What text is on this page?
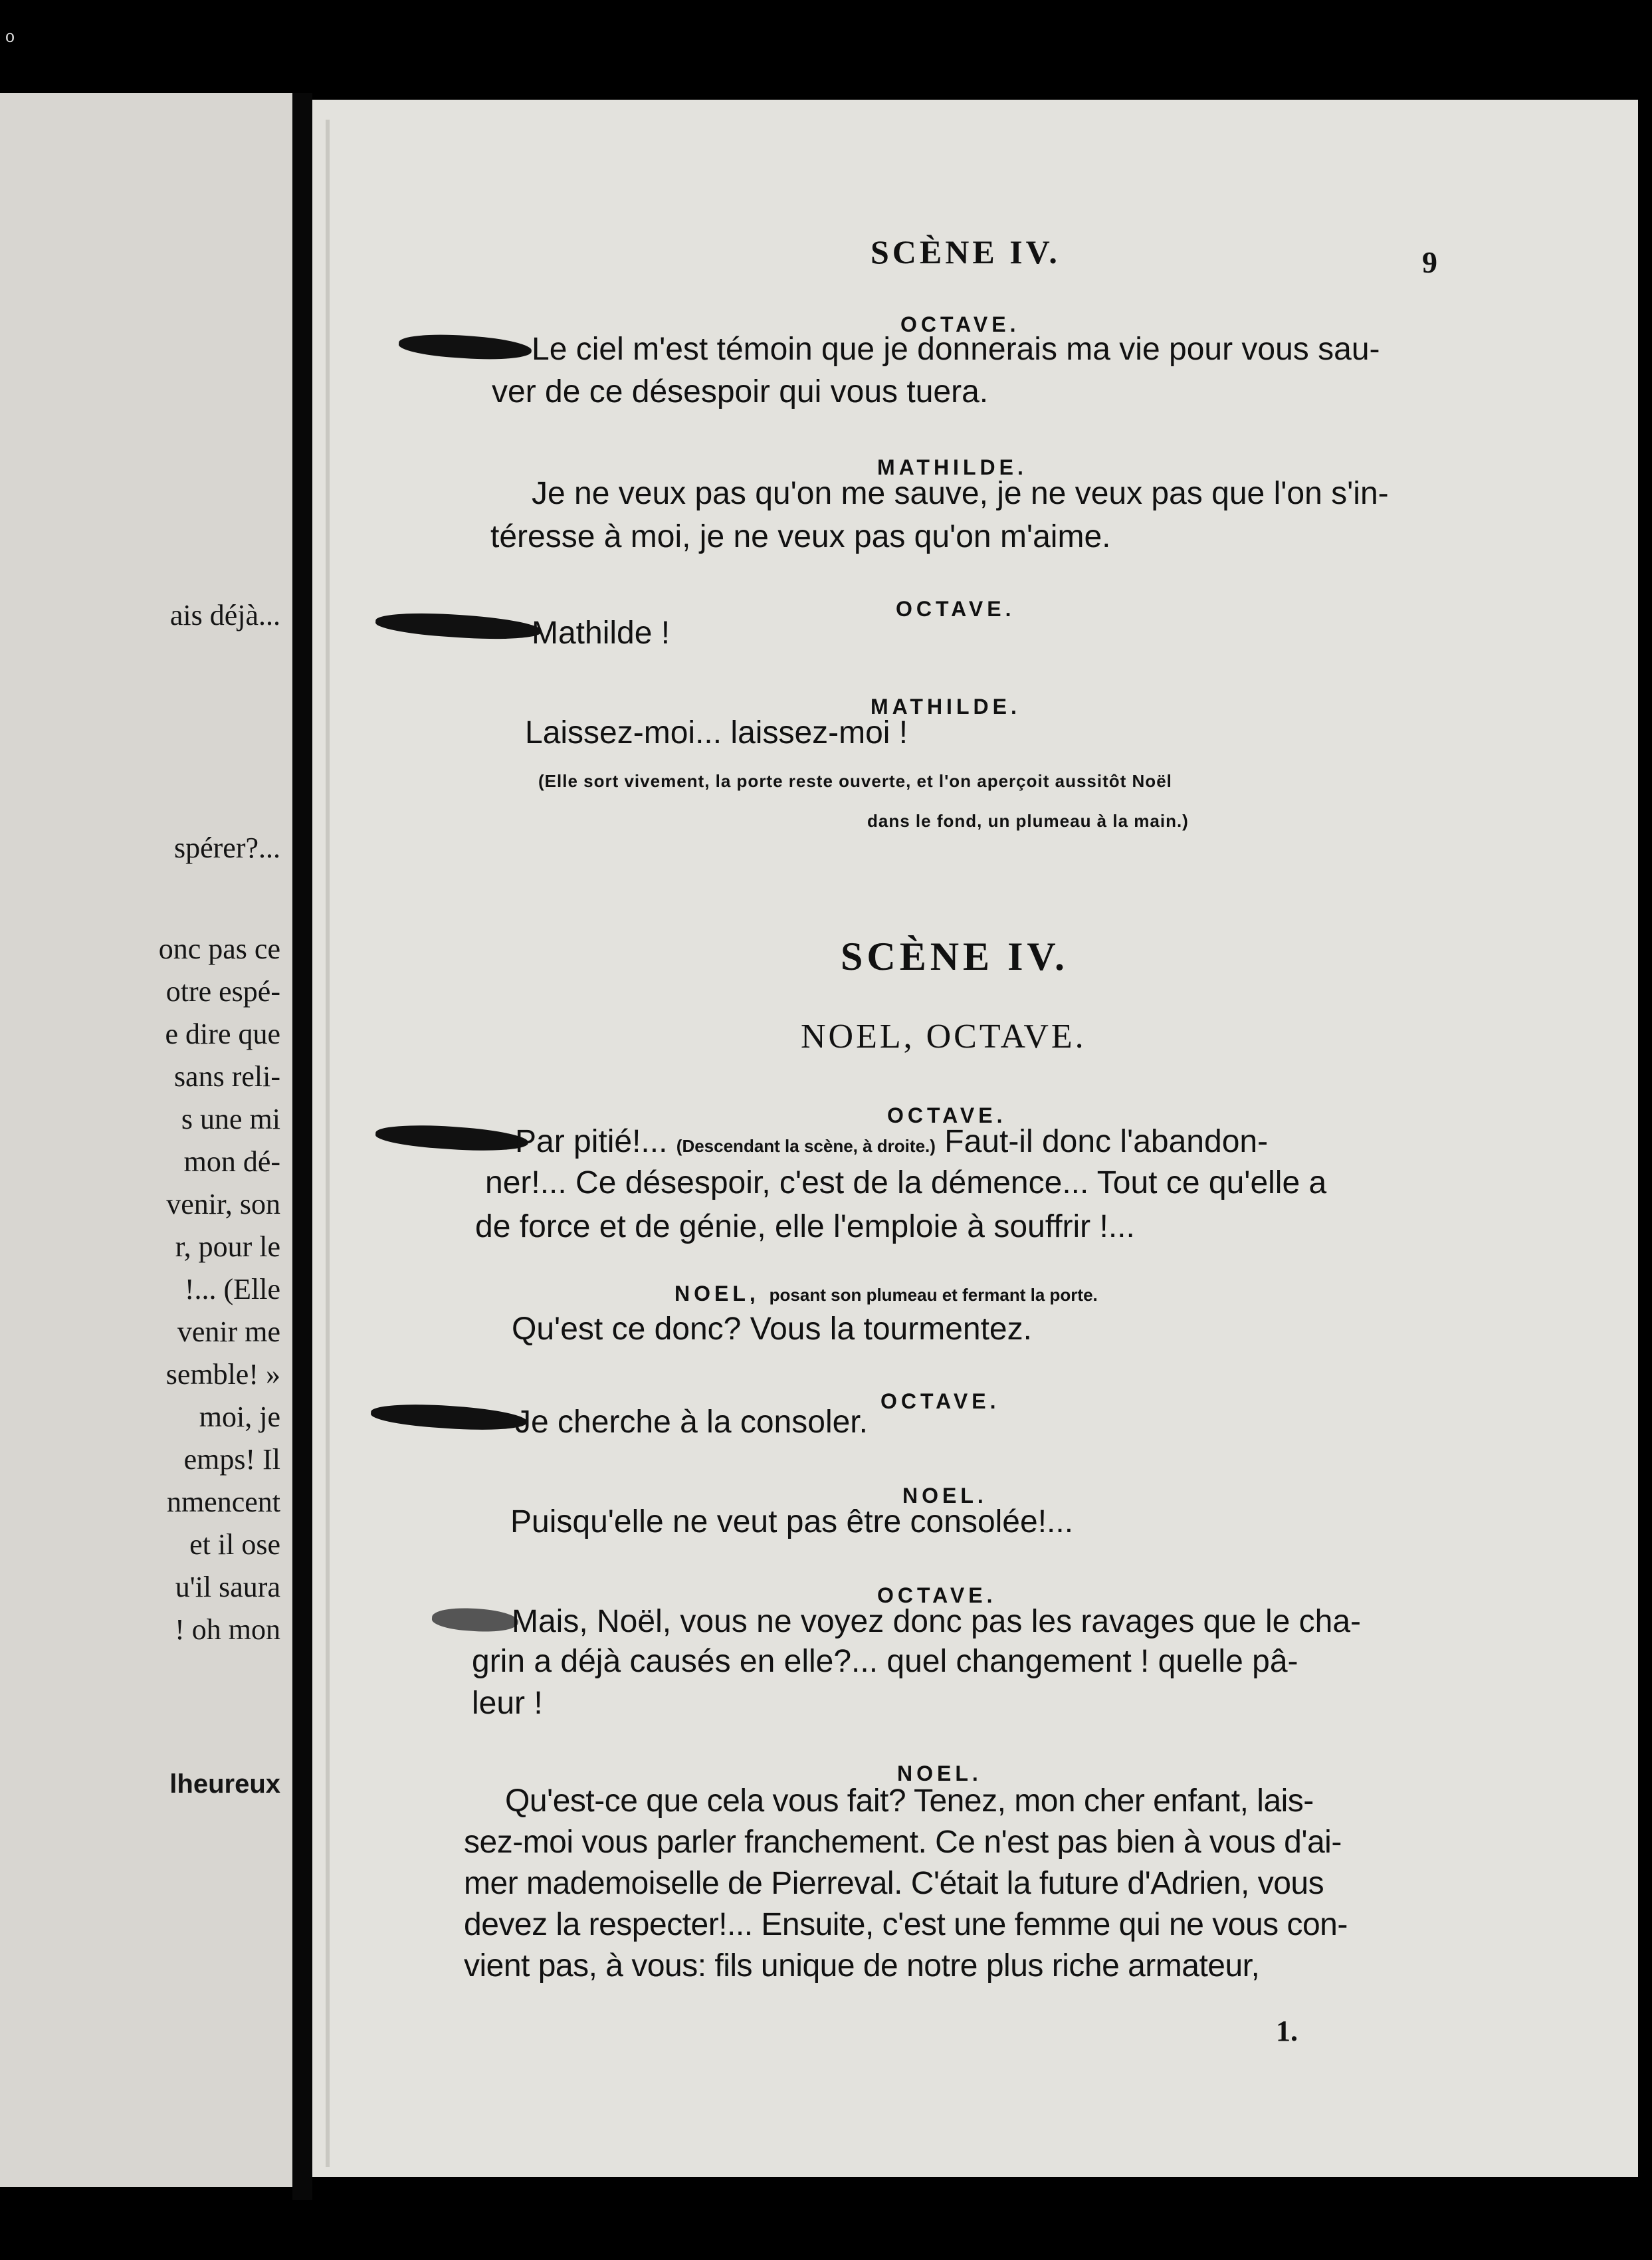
o
ais déjà...
spérer?...
onc pas ce
otre espé-
e dire que
sans reli-
s une mi
mon dé-
venir, son
r, pour le
!... (Elle
venir me
semble! »
moi, je
emps! Il
nmencent
et il ose
u'il saura
! oh mon
lheureux
SCÈNE IV.	9
OCTAVE.
Le ciel m'est témoin que je donnerais ma vie pour vous sau-
ver de ce désespoir qui vous tuera.
MATHILDE.
Je ne veux pas qu'on me sauve, je ne veux pas que l'on s'in-
téresse à moi, je ne veux pas qu'on m'aime.
OCTAVE.
Mathilde !
MATHILDE.
Laissez-moi... laissez-moi !
(Elle sort vivement, la porte reste ouverte, et l'on aperçoit aussitôt Noël
dans le fond, un plumeau à la main.)
SCÈNE IV.
NOEL, OCTAVE.
OCTAVE.
Par pitié!... (Descendant la scène, à droite.) Faut-il donc l'abandon-
ner!... Ce désespoir, c'est de la démence... Tout ce qu'elle a
de force et de génie, elle l'emploie à souffrir !...
NOEL, posant son plumeau et fermant la porte.
Qu'est ce donc? Vous la tourmentez.
OCTAVE.
Je cherche à la consoler.
NOEL.
Puisqu'elle ne veut pas être consolée!...
OCTAVE.
Mais, Noël, vous ne voyez donc pas les ravages que le cha-
grin a déjà causés en elle?... quel changement ! quelle pâ-
leur !
NOEL.
Qu'est-ce que cela vous fait? Tenez, mon cher enfant, lais-
sez-moi vous parler franchement. Ce n'est pas bien à vous d'ai-
mer mademoiselle de Pierreval. C'était la future d'Adrien, vous
devez la respecter!... Ensuite, c'est une femme qui ne vous con-
vient pas, à vous: fils unique de notre plus riche armateur,
1.
